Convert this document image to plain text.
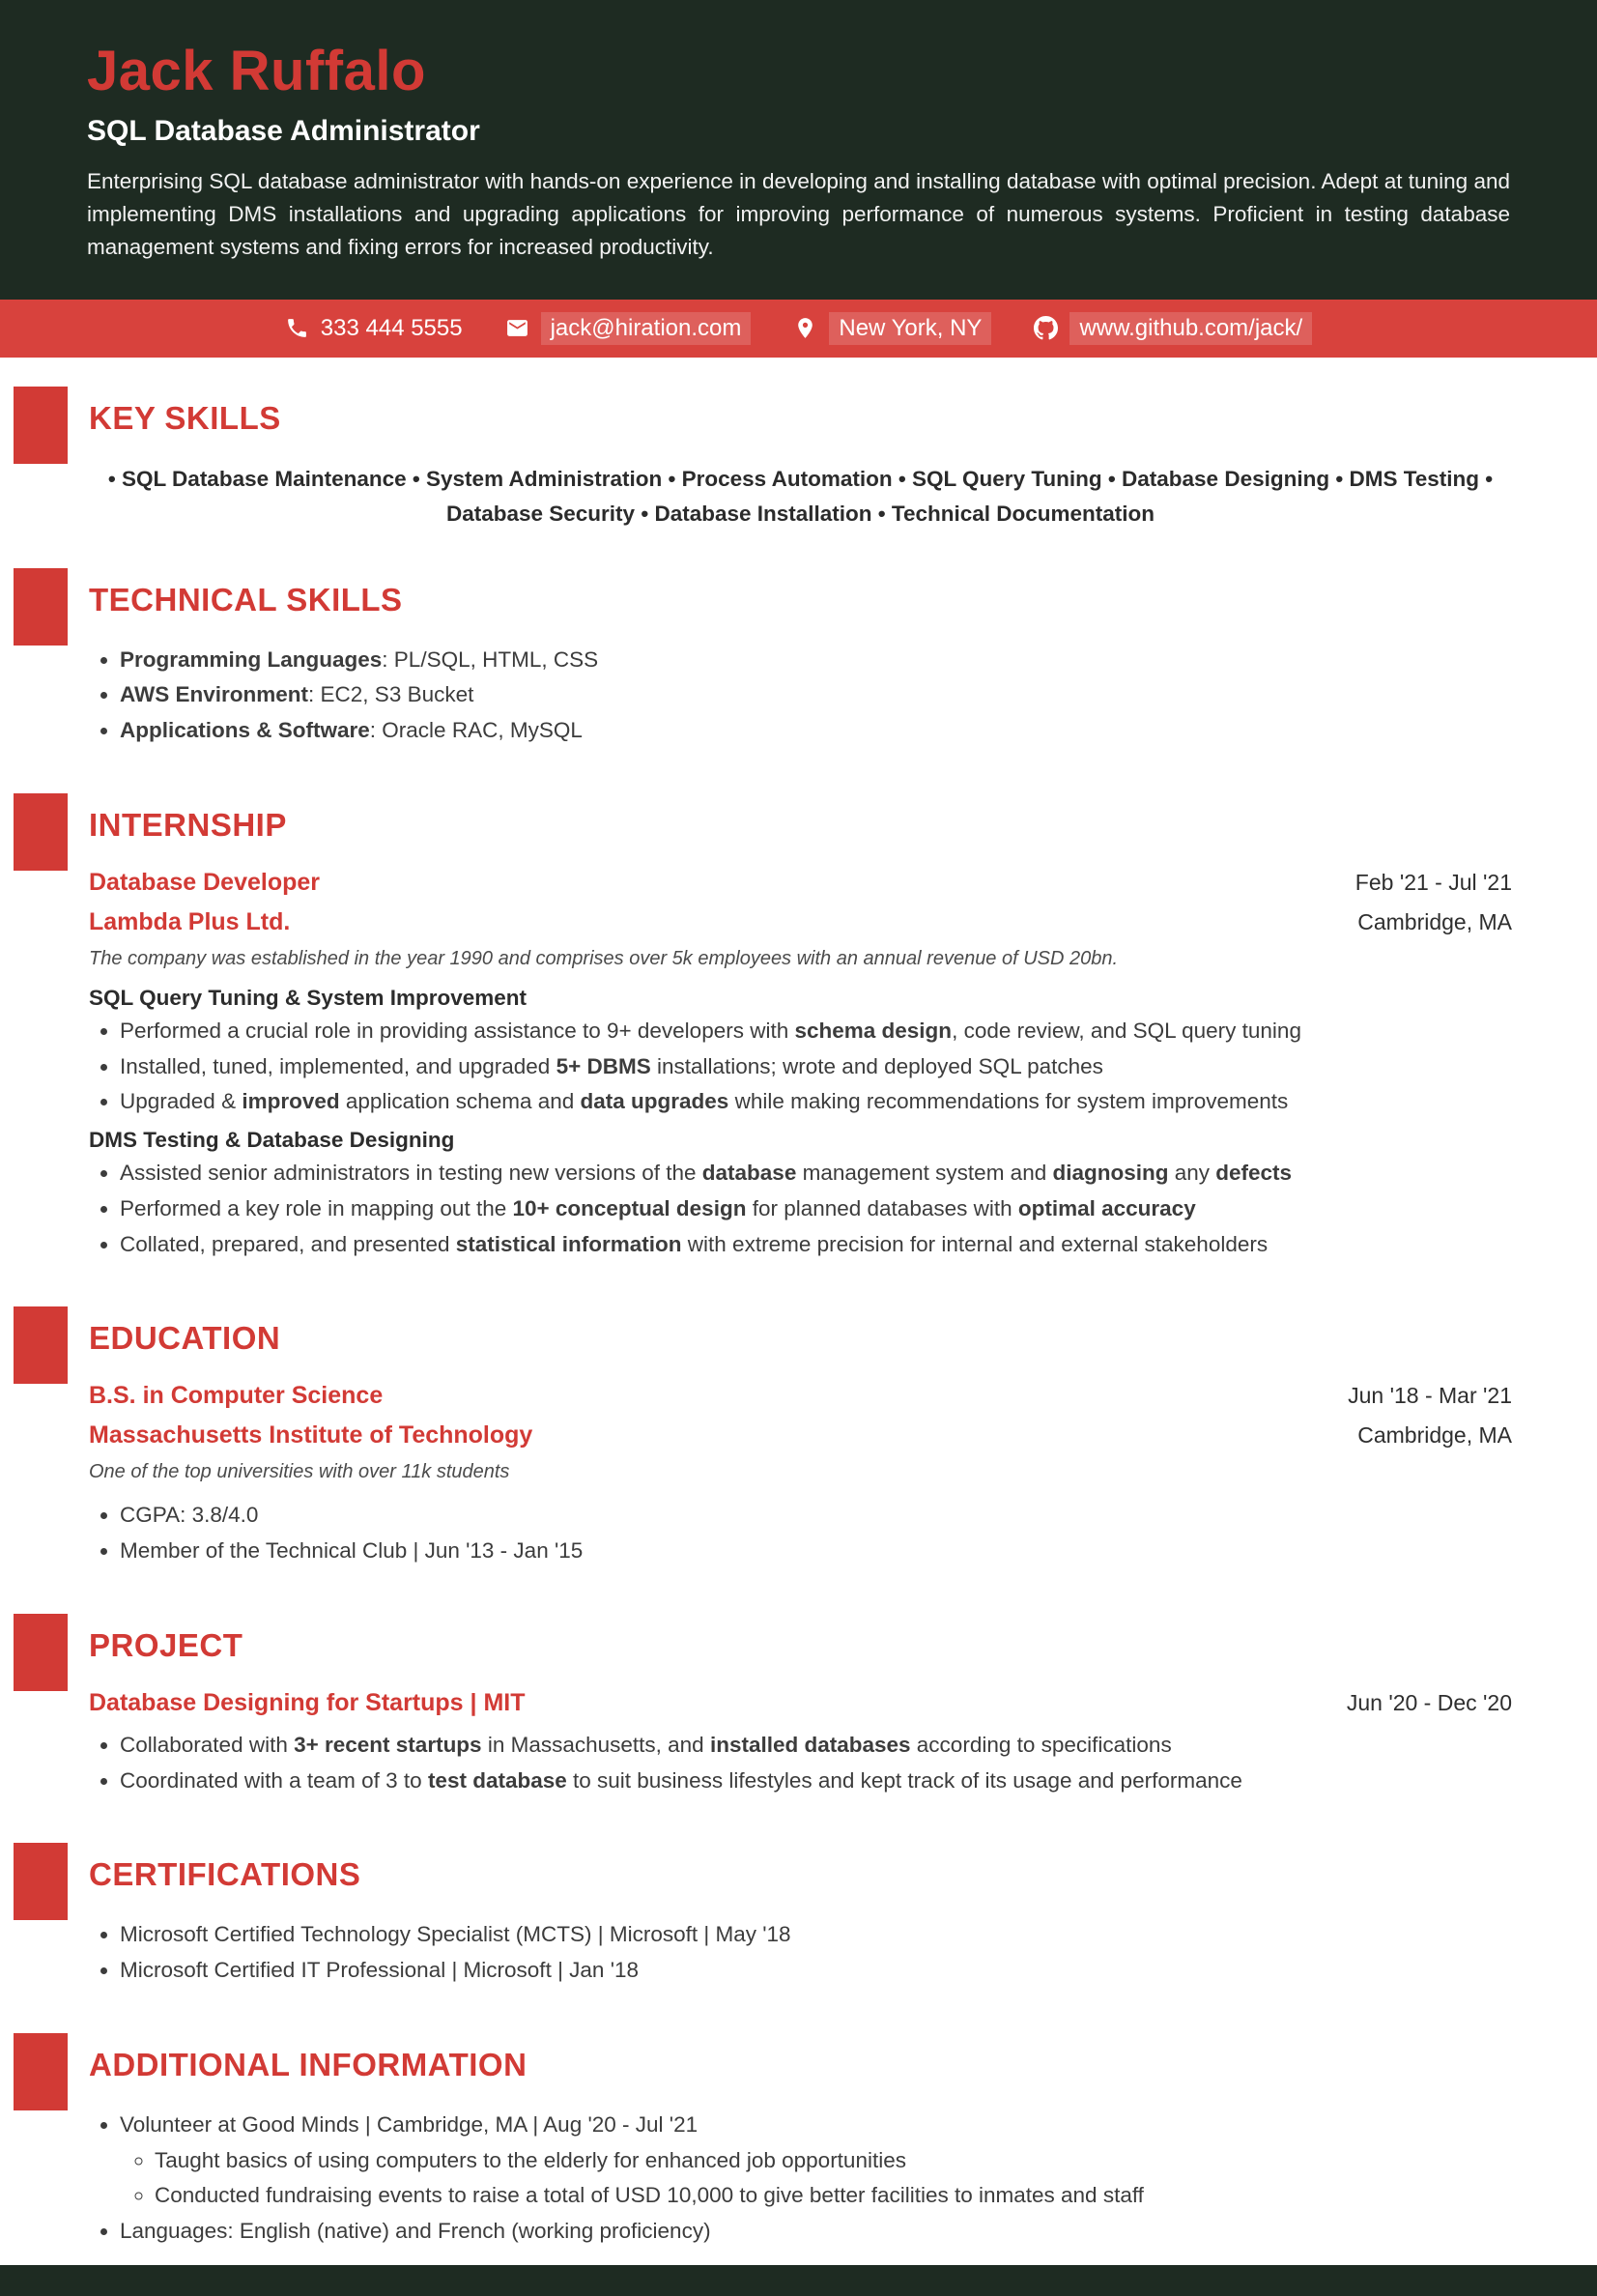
Jack Ruffalo
SQL Database Administrator

Enterprising SQL database administrator with hands-on experience in developing and installing database with optimal precision. Adept at tuning and implementing DMS installations and upgrading applications for improving performance of numerous systems. Proficient in testing database management systems and fixing errors for increased productivity.

333 444 5555	jack@hiration.com	New York, NY	www.github.com/jack/
KEY SKILLS

• SQL Database Maintenance • System Administration • Process Automation • SQL Query Tuning • Database Designing • DMS Testing • Database Security • Database Installation • Technical Documentation

TECHNICAL SKILLS
• Programming Languages: PL/SQL, HTML, CSS
• AWS Environment: EC2, S3 Bucket
• Applications & Software: Oracle RAC, MySQL
INTERNSHIP
Database Developer	Feb '21 - Jul '21
Lambda Plus Ltd.	Cambridge, MA

The company was established in the year 1990 and comprises over 5k employees with an annual revenue of USD 20bn.

SQL Query Tuning & System Improvement
• Performed a crucial role in providing assistance to 9+ developers with schema design, code review, and SQL query tuning
• Installed, tuned, implemented, and upgraded 5+ DBMS installations; wrote and deployed SQL patches
• Upgraded & improved application schema and data upgrades while making recommendations for system improvements
DMS Testing & Database Designing
• Assisted senior administrators in testing new versions of the database management system and diagnosing any defects
• Performed a key role in mapping out the 10+ conceptual design for planned databases with optimal accuracy
• Collated, prepared, and presented statistical information with extreme precision for internal and external stakeholders
EDUCATION
B.S. in Computer Science	Jun '18 - Mar '21
Massachusetts Institute of Technology	Cambridge, MA

One of the top universities with over 11k students

• CGPA: 3.8/4.0
• Member of the Technical Club | Jun '13 - Jan '15
PROJECT
Database Designing for Startups | MIT	Jun '20 - Dec '20
• Collaborated with 3+ recent startups in Massachusetts, and installed databases according to specifications
• Coordinated with a team of 3 to test database to suit business lifestyles and kept track of its usage and performance
CERTIFICATIONS
• Microsoft Certified Technology Specialist (MCTS) | Microsoft | May '18
• Microsoft Certified IT Professional | Microsoft | Jan '18
ADDITIONAL INFORMATION
• Volunteer at Good Minds | Cambridge, MA | Aug '20 - Jul '21
◦ Taught basics of using computers to the elderly for enhanced job opportunities
◦ Conducted fundraising events to raise a total of USD 10,000 to give better facilities to inmates and staff
• Languages: English (native) and French (working proficiency)
